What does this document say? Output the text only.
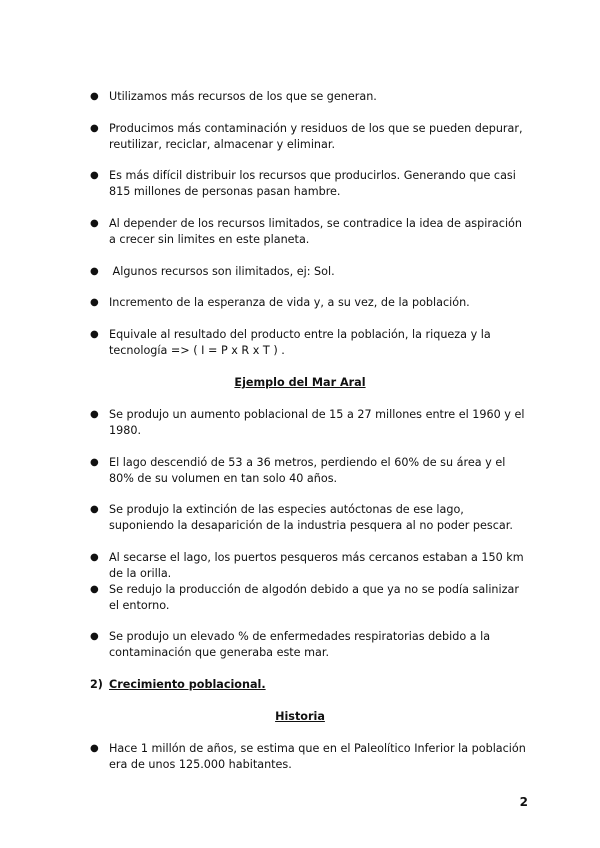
● Utilizamos más recursos de los que se generan.
● Producimos más contaminación y residuos de los que se pueden depurar, reutilizar, reciclar, almacenar y eliminar.
● Es más difícil distribuir los recursos que producirlos. Generando que casi 815 millones de personas pasan hambre.
● Al depender de los recursos limitados, se contradice la idea de aspiración a crecer sin limites en este planeta.
● Algunos recursos son ilimitados, ej: Sol.
● Incremento de la esperanza de vida y, a su vez, de la población.
● Equivale al resultado del producto entre la población, la riqueza y la tecnología => ( I = P x R x T ) .
Ejemplo del Mar Aral
● Se produjo un aumento poblacional de 15 a 27 millones entre el 1960 y el 1980.
● El lago descendió de 53 a 36 metros, perdiendo el 60% de su área y el 80% de su volumen en tan solo 40 años.
● Se produjo la extinción de las especies autóctonas de ese lago, suponiendo la desaparición de la industria pesquera al no poder pescar.
● Al secarse el lago, los puertos pesqueros más cercanos estaban a 150 km de la orilla.
● Se redujo la producción de algodón debido a que ya no se podía salinizar el entorno.
● Se produjo un elevado % de enfermedades respiratorias debido a la contaminación que generaba este mar.
2) Crecimiento poblacional.
Historia
● Hace 1 millón de años, se estima que en el Paleolítico Inferior la población era de unos 125.000 habitantes.
2
